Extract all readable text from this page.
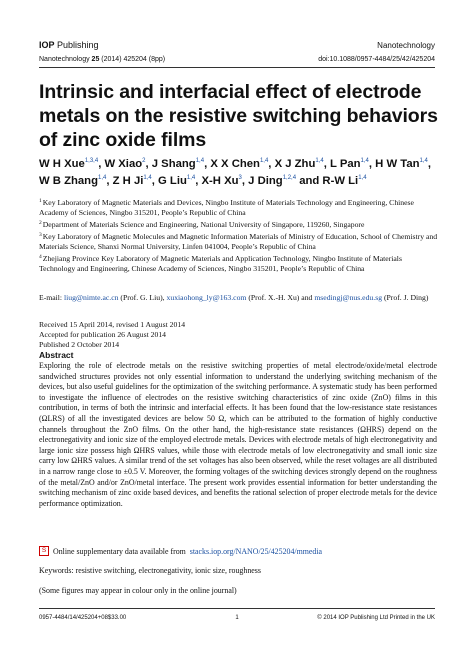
IOP Publishing	Nanotechnology
Nanotechnology 25 (2014) 425204 (8pp)	doi:10.1088/0957-4484/25/42/425204
Intrinsic and interfacial effect of electrode metals on the resistive switching behaviors of zinc oxide films
W H Xue$^{1,3,4}$, W Xiao$^2$, J Shang$^{1,4}$, X X Chen$^{1,4}$, X J Zhu$^{1,4}$, L Pan$^{1,4}$, H W Tan$^{1,4}$, W B Zhang$^{1,4}$, Z H Ji$^{1,4}$, G Liu$^{1,4}$, X-H Xu$^3$, J Ding$^{1,2,4}$ and R-W Li$^{1,4}$

$^1$Key Laboratory of Magnetic Materials and Devices, Ningbo Institute of Materials Technology and Engineering, Chinese Academy of Sciences, Ningbo 315201, People’s Republic of China

$^2$Department of Materials Science and Engineering, National University of Singapore, 119260, Singapore

$^3$Key Laboratory of Magnetic Molecules and Magnetic Information Materials of Ministry of Education, School of Chemistry and Materials Science, Shanxi Normal University, Linfen 041004, People’s Republic of China

$^4$Zhejiang Province Key Laboratory of Magnetic Materials and Application Technology, Ningbo Institute of Materials Technology and Engineering, Chinese Academy of Sciences, Ningbo 315201, People’s Republic of China

E-mail: liug@nimte.ac.cn (Prof. G. Liu), xuxiaohong_ly@163.com (Prof. X.-H. Xu) and msedingj@nus.edu.sg (Prof. J. Ding)
Received 15 April 2014, revised 1 August 2014
Accepted for publication 26 August 2014
Published 2 October 2014
Abstract
Exploring the role of electrode metals on the resistive switching properties of metal electrode/oxide/metal electrode sandwiched structures provides not only essential information to understand the underlying switching mechanism of the devices, but also useful guidelines for the optimization of the switching performance. A systematic study has been performed to investigate the influence of electrodes on the resistive switching characteristics of zinc oxide (ZnO) films in this contribution, in terms of both the intrinsic and interfacial effects. It has been found that the low-resistance state resistances (ΩLRS) of all the investigated devices are below 50 Ω, which can be attributed to the formation of highly conductive channels throughout the ZnO films. On the other hand, the high-resistance state resistances (ΩHRS) depend on the electronegativity and ionic size of the employed electrode metals. Devices with electrode metals of high electronegativity and large ionic size possess high ΩHRS values, while those with electrode metals of low electronegativity and small ionic size carry low ΩHRS values. A similar trend of the set voltages has also been observed, while the reset voltages are all distributed in a narrow range close to ±0.5 V. Moreover, the forming voltages of the switching devices strongly depend on the roughness of the metal/ZnO and/or ZnO/metal interface. The present work provides essential information for better understanding the switching mechanism of zinc oxide based devices, and benefits the rational selection of proper electrode metals for the device performance optimization.
S Online supplementary data available from stacks.iop.org/NANO/25/425204/mmedia
Keywords: resistive switching, electronegativity, ionic size, roughness
(Some figures may appear in colour only in the online journal)
0957-4484/14/425204+08$33.00	1	© 2014 IOP Publishing Ltd Printed in the UK
